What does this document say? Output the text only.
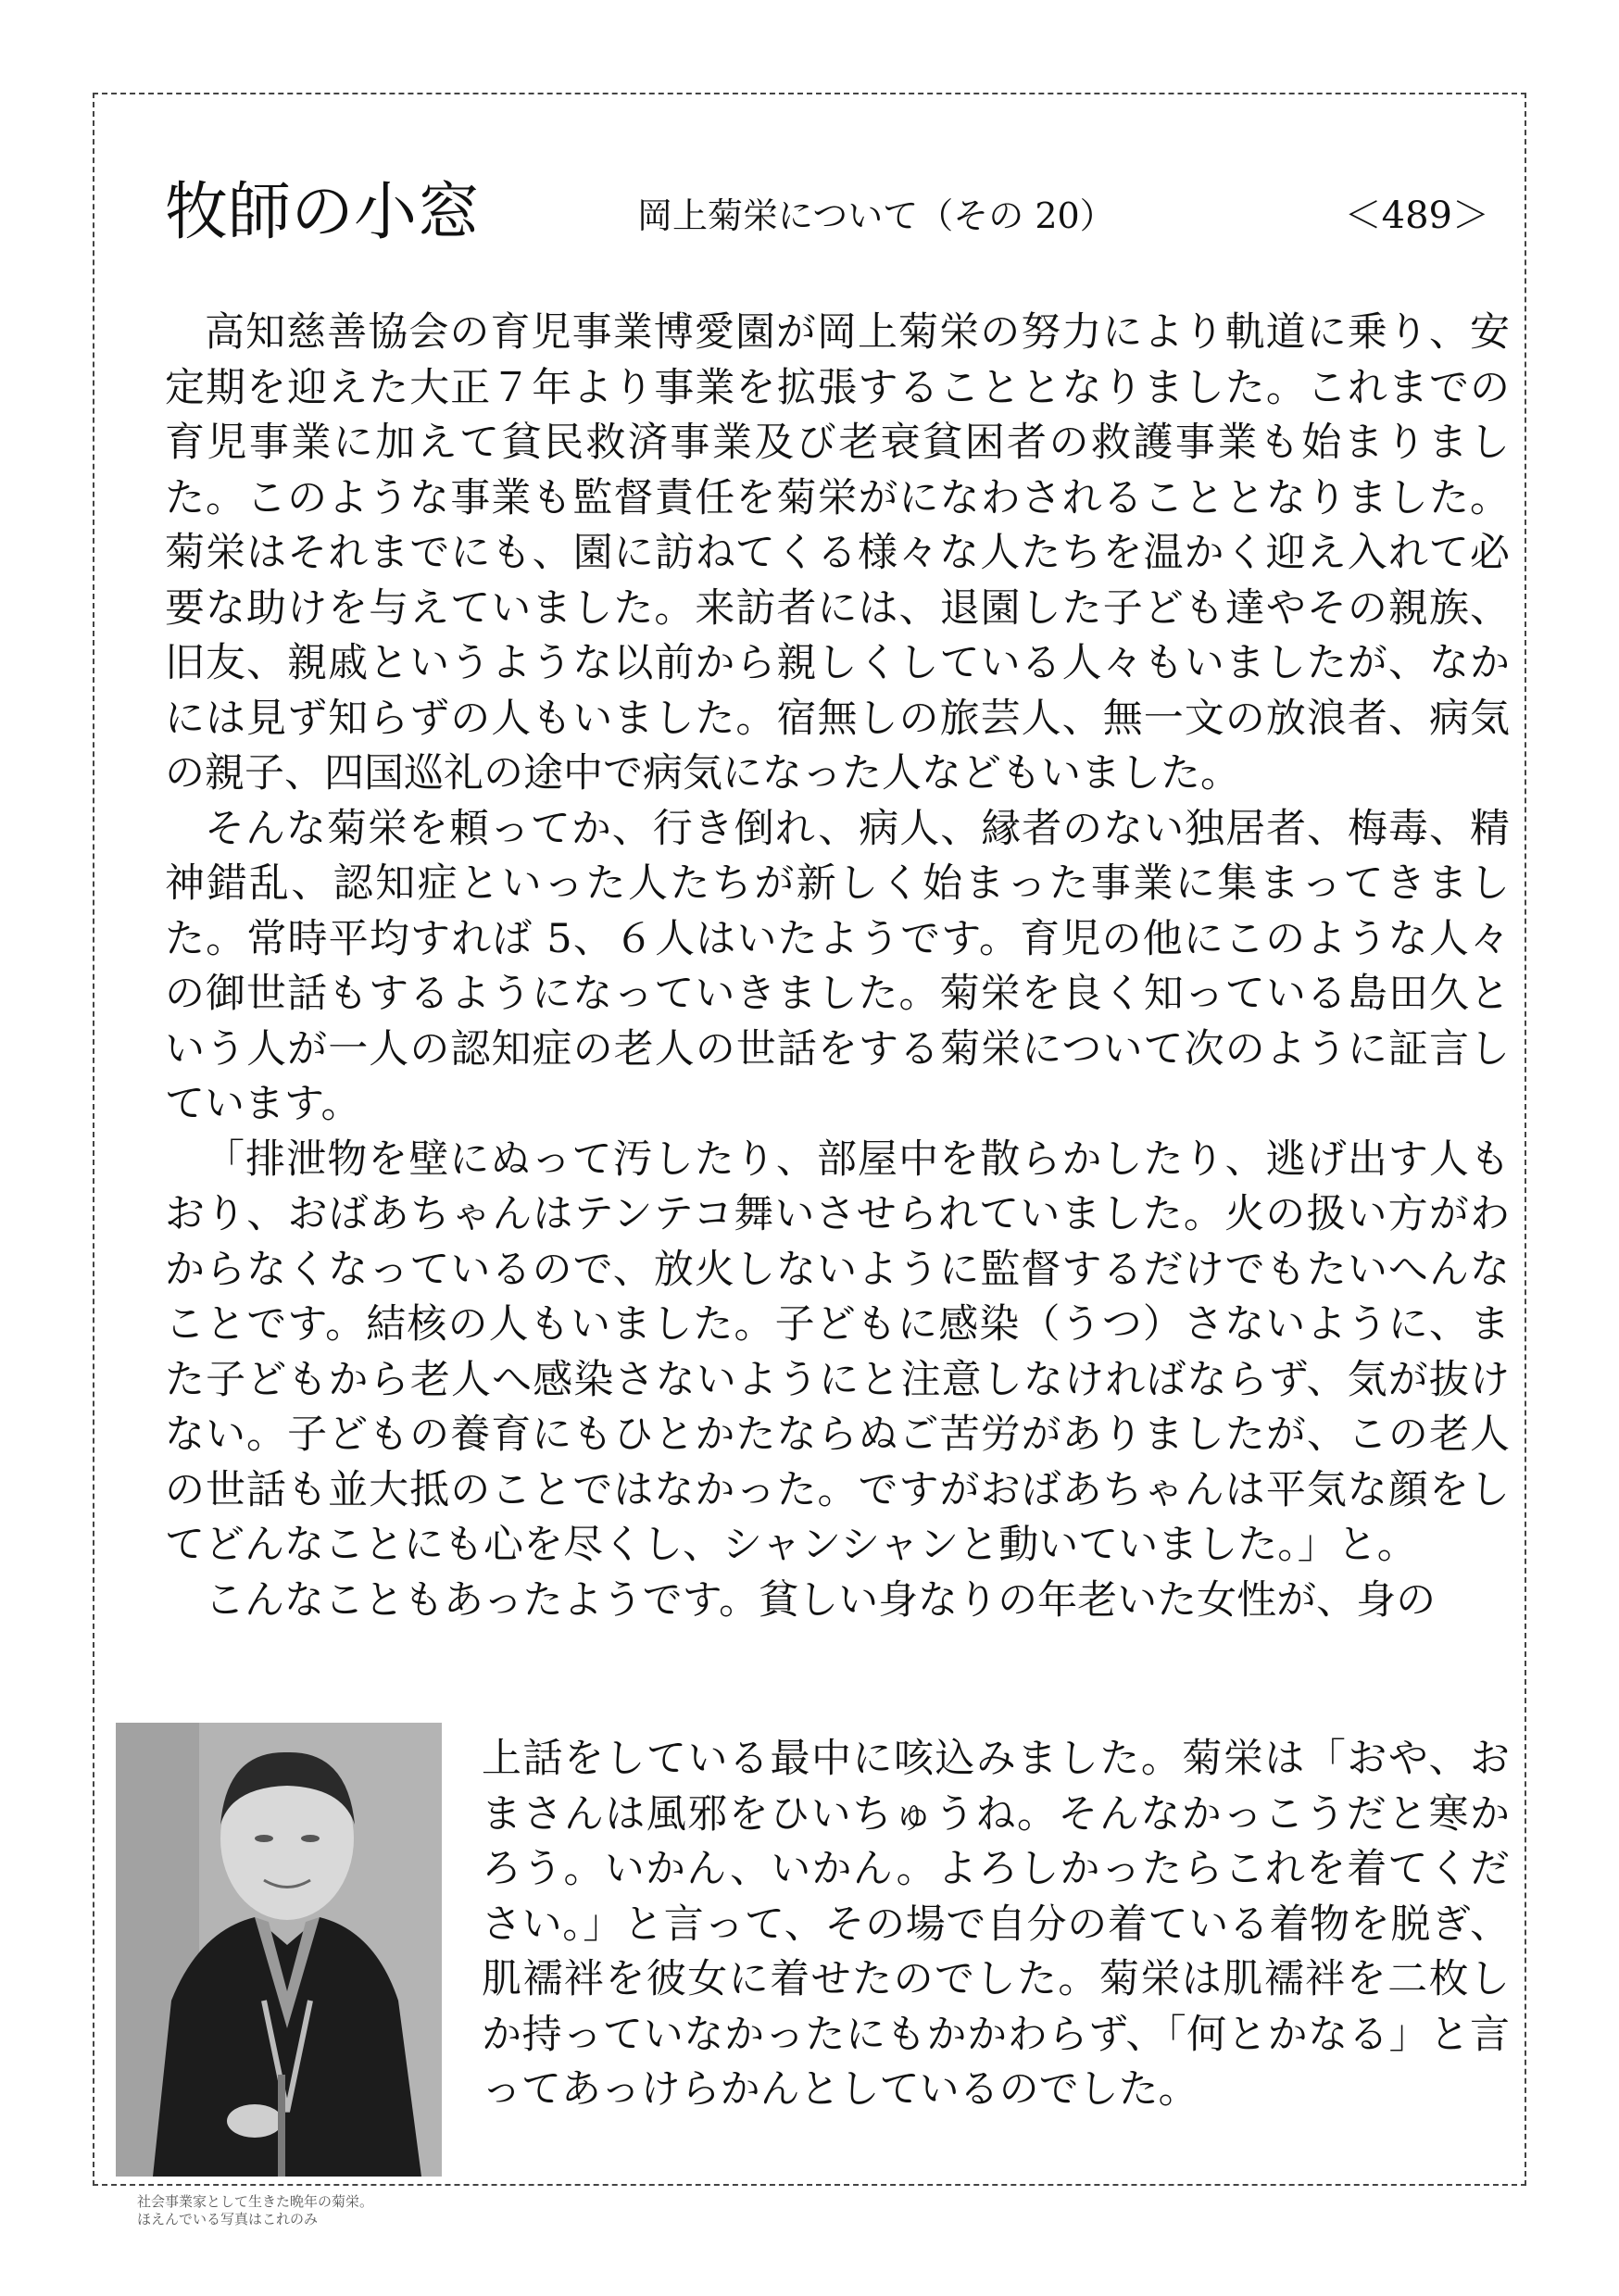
牧師の小窓	岡上菊栄について（その 20）	＜489＞

高知慈善協会の育児事業博愛園が岡上菊栄の努力により軌道に乗り、安定期を迎えた大正７年より事業を拡張することとなりました。これまでの育児事業に加えて貧民救済事業及び老衰貧困者の救護事業も始まりました。このような事業も監督責任を菊栄がになわされることとなりました。菊栄はそれまでにも、園に訪ねてくる様々な人たちを温かく迎え入れて必要な助けを与えていました。来訪者には、退園した子ども達やその親族、旧友、親戚というような以前から親しくしている人々もいましたが、なかには見ず知らずの人もいました。宿無しの旅芸人、無一文の放浪者、病気の親子、四国巡礼の途中で病気になった人などもいました。

そんな菊栄を頼ってか、行き倒れ、病人、縁者のない独居者、梅毒、精神錯乱、認知症といった人たちが新しく始まった事業に集まってきました。常時平均すれば 5、６人はいたようです。育児の他にこのような人々の御世話もするようになっていきました。菊栄を良く知っている島田久という人が一人の認知症の老人の世話をする菊栄について次のように証言しています。

「排泄物を壁にぬって汚したり、部屋中を散らかしたり、逃げ出す人もおり、おばあちゃんはテンテコ舞いさせられていました。火の扱い方がわからなくなっているので、放火しないように監督するだけでもたいへんなことです。結核の人もいました。子どもに感染（うつ）さないように、また子どもから老人へ感染さないようにと注意しなければならず、気が抜けない。子どもの養育にもひとかたならぬご苦労がありましたが、この老人の世話も並大抵のことではなかった。ですがおばあちゃんは平気な顔をしてどんなことにも心を尽くし、シャンシャンと動いていました。」と。

こんなこともあったようです。貧しい身なりの年老いた女性が、身の

社会事業家として生きた晩年の菊栄。
ほえんでいる写真はこれのみ

上話をしている最中に咳込みました。菊栄は「おや、おまさんは風邪をひいちゅうね。そんなかっこうだと寒かろう。いかん、いかん。よろしかったらこれを着てください。」と言って、その場で自分の着ている着物を脱ぎ、肌襦袢を彼女に着せたのでした。菊栄は肌襦袢を二枚しか持っていなかったにもかかわらず、「何とかなる」と言ってあっけらかんとしているのでした。
